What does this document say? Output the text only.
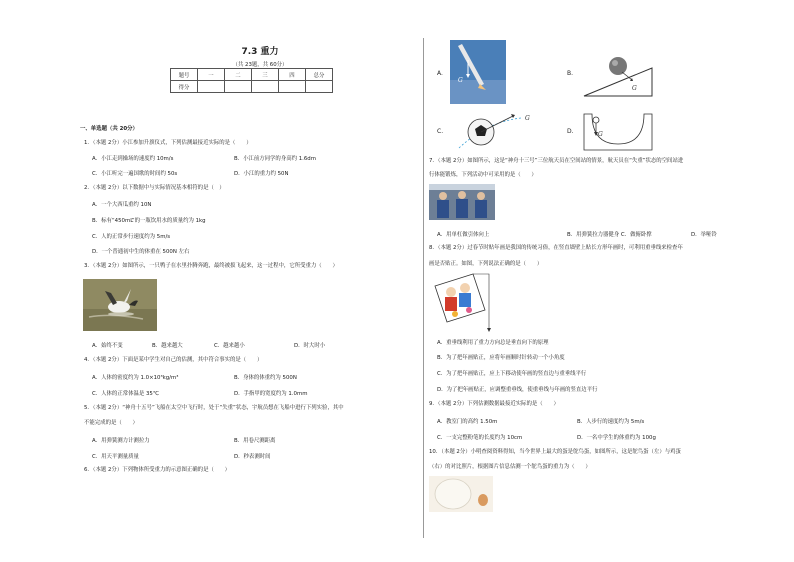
7.3 重力
（共 23题，共 60分）
题号	一	二	三	四	总分
得分					
一、单选题（共 20分）
1．（本题 2分）小江参加升旗仪式，下列估测最接近实际的是（　　）
A．小江走到操场的速度约 10m/s	B．小江前方同学的身高约 1.6dm
C．小江听完一遍国歌的时间约 50s	D．小江的重力约 50N
2．（本题 2分）以下数据中与实际情况基本相符的是（　）
A．一个大西瓜重约 10N
B．标有“450mL”的一瓶饮用水的质量约为 1kg
C．人的正常步行速度约为 5m/s
D．一个普通初中生的体重在 500N 左右
3．（本题 2分）如图所示，一只鸭子在水里扑腾奔跑，最终被拔飞起来，这一过程中，它所受重力（　　）
A．始终不变	B．越来越大	C．越来越小	D．时大时小
4．（本题 2分）下面是某中学生对自己的估测，其中符合事实的是（　　）
A．人体的密度约为 1.0×10³kg/m³	B．身体的体重约为 500N
C．人体的正常体温是 35℃	D．手指甲的宽度约为 1.0mm
5．（本题 2分）“神舟十五号”飞船在太空中飞行时，处于“失重”状态，宇航员想在飞船中进行下列实验，其中
不能完成的是（　　）
A．用弹簧测力计测拉力	B．用卷尺测距离
C．用天平测量质量	D．秒表测时间
6．（本题 2分）下列物体所受重力的示意图正确的是（　　）
A.
G
B.
G
C.
G
D.	G
7．（本题 2分）如图所示，这是“神舟十三号”三位航天员在空间站的情景，航天员在“失重”状态的空间站进
行体能锻炼，下列活动中可采用的是（　　）
A．用单杠做引体向上	B．用弹簧拉力器健身 C．做俯卧撑	D．举哑铃
8．（本题 2分）过春节时贴年画是我国的传统习俗，在竖直墙壁上贴长方形年画时，可利用重垂线来检查年
画是否贴正。如图，下列说法正确的是（　　）
A．重垂线利用了重力方向总是垂直向下的原理
B．为了把年画贴正，应将年画顺时针转动一个小角度
C．为了把年画贴正，应上下移动使年画的竖直边与重垂线平行
D．为了把年画贴正，应调整重垂线，使重垂线与年画的竖直边平行
9．（本题 2分）下列估测数据最接近实际的是（　　）
A．教室门的高约 1.50m	B．人步行的速度约为 5m/s
C．一支完整粉笔的长度约为 10cm	D．一名中学生的体重约为 100g
10．（本题 2分）小明查阅资料得知，当今世界上最大的蛋是鸵鸟蛋，如图所示，这是鸵鸟蛋（左）与鸡蛋
（右）的对比照片，根据图片信息估测一个鸵鸟蛋的重力为（　　）
